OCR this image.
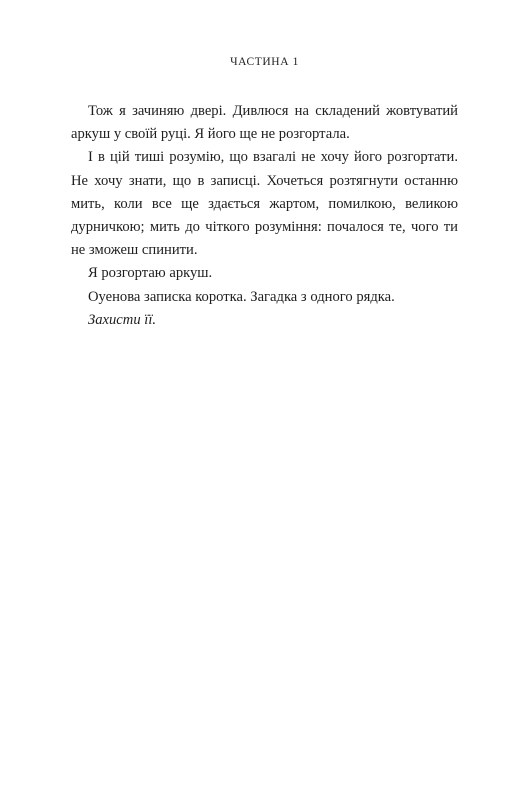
ЧАСТИНА 1

Тож я зачиняю двері. Дивлюся на складений жовтуватий аркуш у своїй руці. Я його ще не розгортала.

І в цій тиші розумію, що взагалі не хочу його розгортати. Не хочу знати, що в записці. Хочеться розтягнути останню мить, коли все ще здається жартом, помилкою, великою дурничкою; мить до чіткого розуміння: почалося те, чого ти не зможеш спинити.

Я розгортаю аркуш.

Оуенова записка коротка. Загадка з одного рядка.

Захисти її.
